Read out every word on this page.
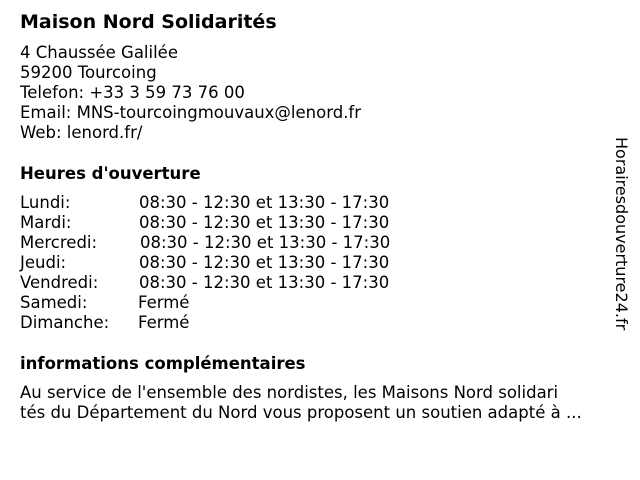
Maison Nord Solidarités
4 Chaussée Galilée
59200 Tourcoing
Telefon: +33 3 59 73 76 00
Email: MNS-tourcoingmouvaux@lenord.fr
Web: lenord.fr/
Heures d'ouverture
Lundi:	08:30 - 12:30 et 13:30 - 17:30
Mardi:	08:30 - 12:30 et 13:30 - 17:30
Mercredi:	08:30 - 12:30 et 13:30 - 17:30
Jeudi:	08:30 - 12:30 et 13:30 - 17:30
Vendredi: 08:30 - 12:30 et 13:30 - 17:30
Samedi:	Fermé
Dimanche: Fermé
informations complémentaires
Au service de l'ensemble des nordistes, les Maisons Nord solidari
tés du Département du Nord vous proposent un soutien adapté à ...
Horairesdouverture24.fr
